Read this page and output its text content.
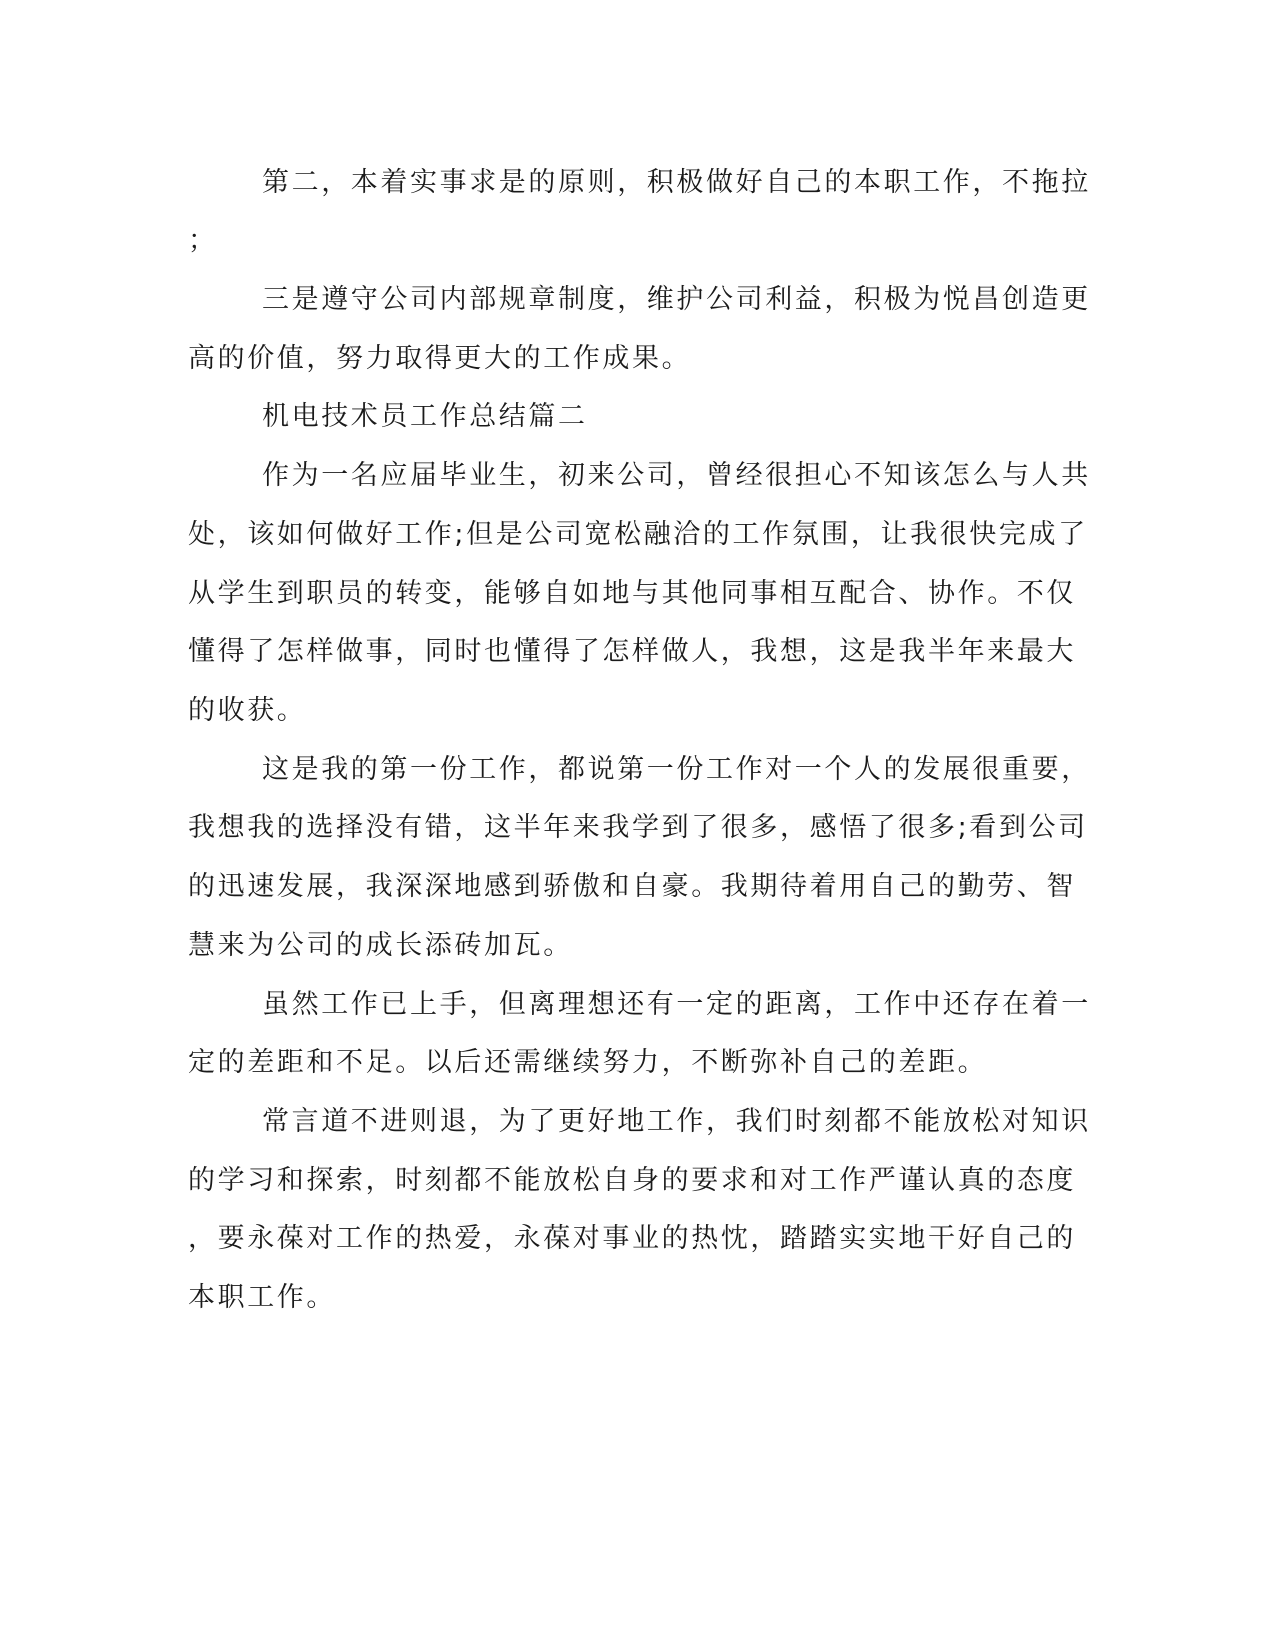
第二，本着实事求是的原则，积极做好自己的本职工作，不拖拉
；
三是遵守公司内部规章制度，维护公司利益，积极为悦昌创造更
高的价值，努力取得更大的工作成果。
机电技术员工作总结篇二
作为一名应届毕业生，初来公司，曾经很担心不知该怎么与人共
处，该如何做好工作;但是公司宽松融洽的工作氛围，让我很快完成了
从学生到职员的转变，能够自如地与其他同事相互配合、协作。不仅
懂得了怎样做事，同时也懂得了怎样做人，我想，这是我半年来最大
的收获。
这是我的第一份工作，都说第一份工作对一个人的发展很重要，
我想我的选择没有错，这半年来我学到了很多，感悟了很多;看到公司
的迅速发展，我深深地感到骄傲和自豪。我期待着用自己的勤劳、智
慧来为公司的成长添砖加瓦。
虽然工作已上手，但离理想还有一定的距离，工作中还存在着一
定的差距和不足。以后还需继续努力，不断弥补自己的差距。
常言道不进则退，为了更好地工作，我们时刻都不能放松对知识
的学习和探索，时刻都不能放松自身的要求和对工作严谨认真的态度
，要永葆对工作的热爱，永葆对事业的热忱，踏踏实实地干好自己的
本职工作。
